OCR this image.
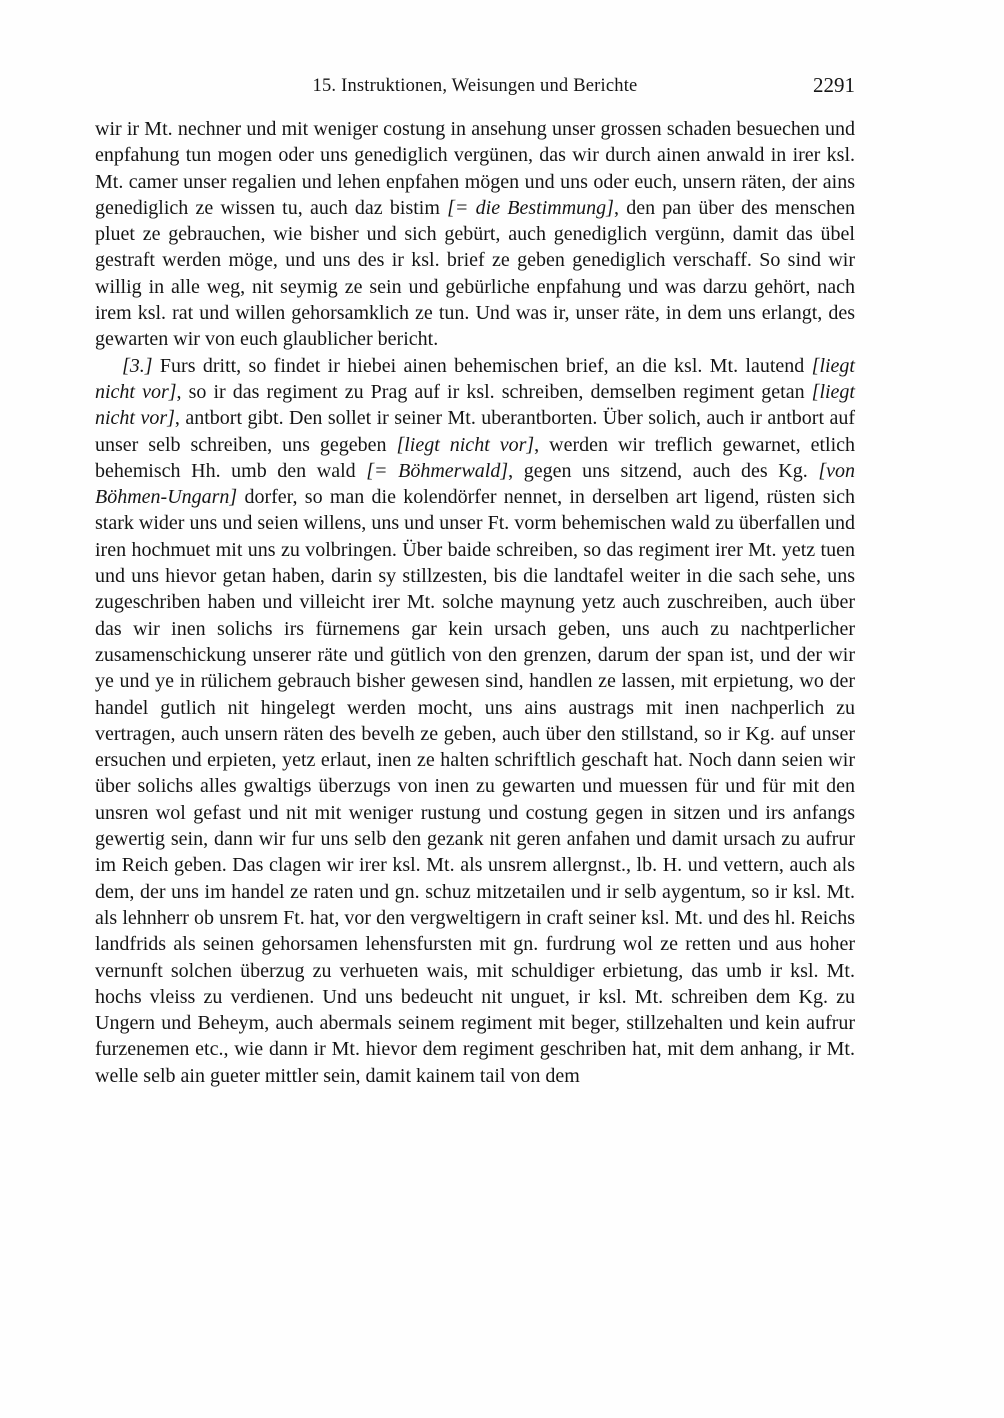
15. Instruktionen, Weisungen und Berichte	2291

wir ir Mt. nechner und mit weniger costung in ansehung unser grossen schaden besuechen und enpfahung tun mogen oder uns genediglich vergünen, das wir durch ainen anwald in irer ksl. Mt. camer unser regalien und lehen enpfahen mögen und uns oder euch, unsern räten, der ains genediglich ze wissen tu, auch daz bistim [= die Bestimmung], den pan über des menschen pluet ze gebrauchen, wie bisher und sich gebürt, auch genediglich vergünn, damit das übel gestraft werden möge, und uns des ir ksl. brief ze geben genediglich verschaff. So sind wir willig in alle weg, nit seymig ze sein und gebürliche enpfahung und was darzu gehört, nach irem ksl. rat und willen gehorsamklich ze tun. Und was ir, unser räte, in dem uns erlangt, des gewarten wir von euch glaublicher bericht.

[3.] Furs dritt, so findet ir hiebei ainen behemischen brief, an die ksl. Mt. lautend [liegt nicht vor], so ir das regiment zu Prag auf ir ksl. schreiben, demselben regiment getan [liegt nicht vor], antbort gibt. Den sollet ir seiner Mt. uberantborten. Über solich, auch ir antbort auf unser selb schreiben, uns gegeben [liegt nicht vor], werden wir treflich gewarnet, etlich behemisch Hh. umb den wald [= Böhmerwald], gegen uns sitzend, auch des Kg. [von Böhmen-Ungarn] dorfer, so man die kolendörfer nennet, in derselben art ligend, rüsten sich stark wider uns und seien willens, uns und unser Ft. vorm behemischen wald zu überfallen und iren hochmuet mit uns zu volbringen. Über baide schreiben, so das regiment irer Mt. yetz tuen und uns hievor getan haben, darin sy stillzesten, bis die landtafel weiter in die sach sehe, uns zugeschriben haben und villeicht irer Mt. solche maynung yetz auch zuschreiben, auch über das wir inen solichs irs fürnemens gar kein ursach geben, uns auch zu nachtperlicher zusamenschickung unserer räte und gütlich von den grenzen, darum der span ist, und der wir ye und ye in rülichem gebrauch bisher gewesen sind, handlen ze lassen, mit erpietung, wo der handel gutlich nit hingelegt werden mocht, uns ains austrags mit inen nachperlich zu vertragen, auch unsern räten des bevelh ze geben, auch über den stillstand, so ir Kg. auf unser ersuchen und erpieten, yetz erlaut, inen ze halten schriftlich geschaft hat. Noch dann seien wir über solichs alles gwaltigs überzugs von inen zu gewarten und muessen für und für mit den unsren wol gefast und nit mit weniger rustung und costung gegen in sitzen und irs anfangs gewertig sein, dann wir fur uns selb den gezank nit geren anfahen und damit ursach zu aufrur im Reich geben. Das clagen wir irer ksl. Mt. als unsrem allergnst., lb. H. und vettern, auch als dem, der uns im handel ze raten und gn. schuz mitzetailen und ir selb aygentum, so ir ksl. Mt. als lehnherr ob unsrem Ft. hat, vor den vergweltigern in craft seiner ksl. Mt. und des hl. Reichs landfrids als seinen gehorsamen lehensfursten mit gn. furdrung wol ze retten und aus hoher vernunft solchen überzug zu verhueten wais, mit schuldiger erbietung, das umb ir ksl. Mt. hochs vleiss zu verdienen. Und uns bedeucht nit unguet, ir ksl. Mt. schreiben dem Kg. zu Ungern und Beheym, auch abermals seinem regiment mit beger, stillzehalten und kein aufrur furzenemen etc., wie dann ir Mt. hievor dem regiment geschriben hat, mit dem anhang, ir Mt. welle selb ain gueter mittler sein, damit kainem tail von dem
